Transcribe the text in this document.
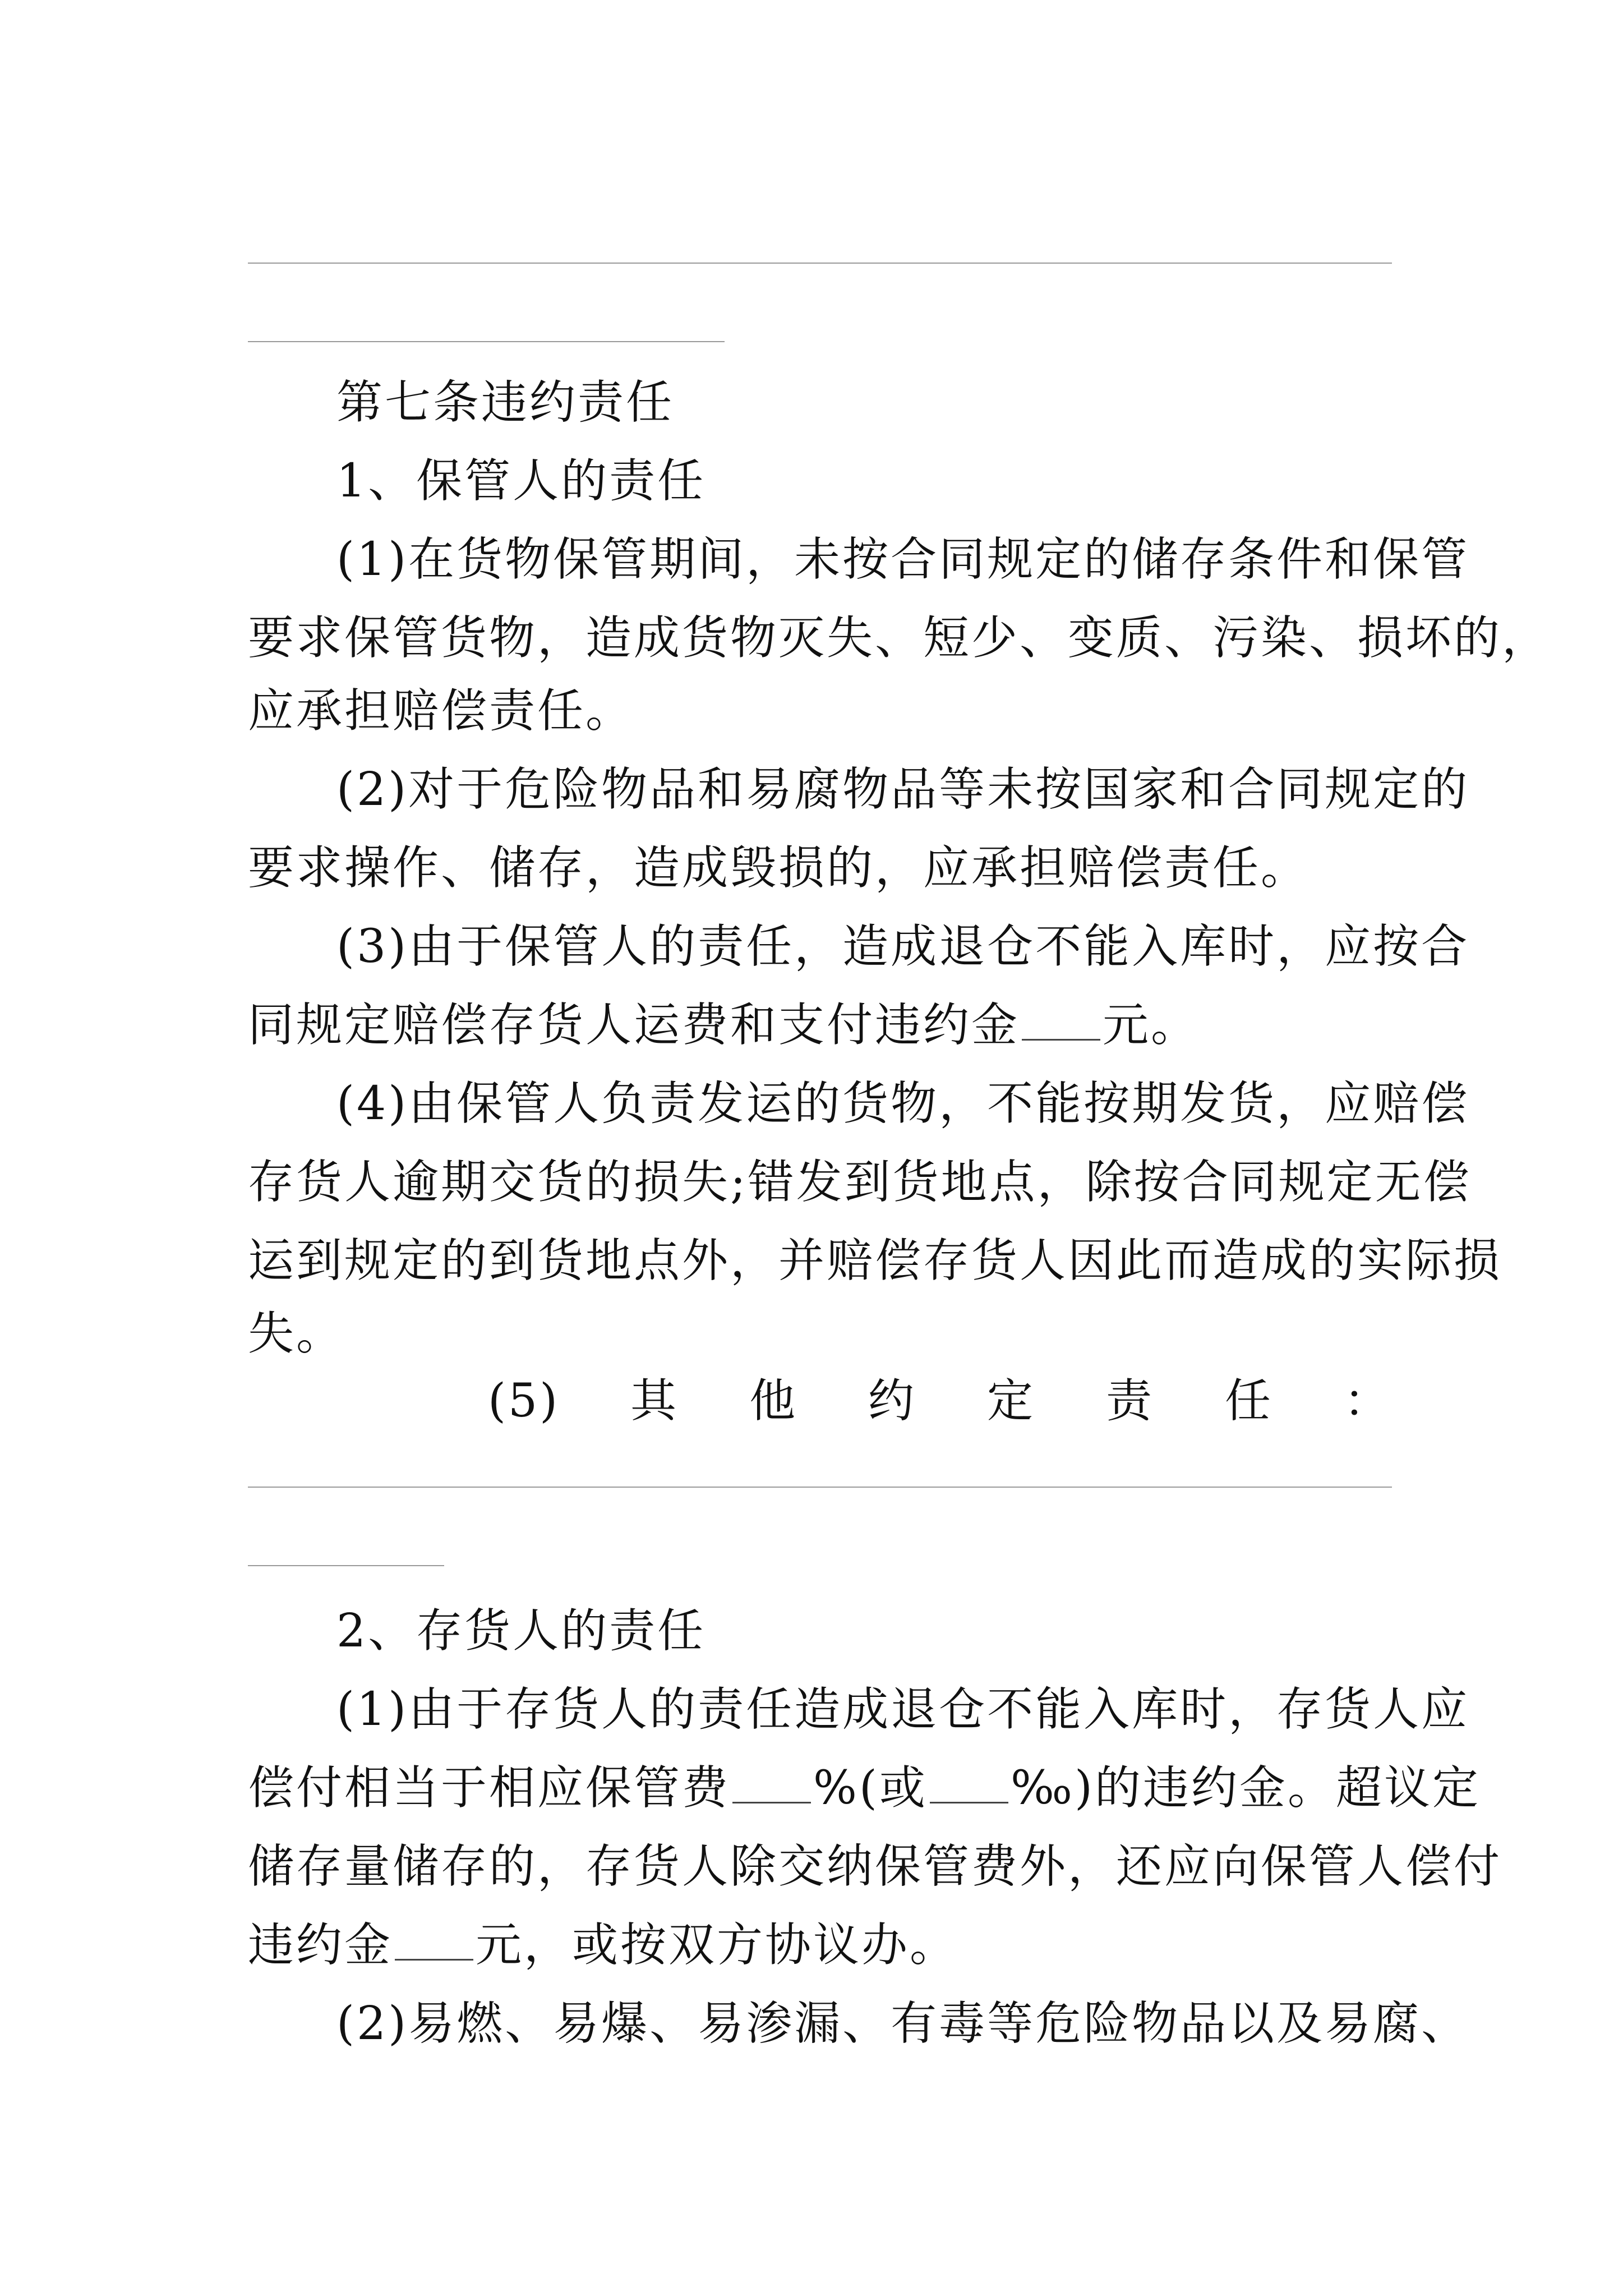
第七条违约责任
1、保管人的责任
(1)在货物保管期间，未按合同规定的储存条件和保管
要求保管货物，造成货物灭失、短少、变质、污染、损坏的，
应承担赔偿责任。
(2)对于危险物品和易腐物品等未按国家和合同规定的
要求操作、储存，造成毁损的，应承担赔偿责任。
(3)由于保管人的责任，造成退仓不能入库时，应按合
同规定赔偿存货人运费和支付违约金 元。
(4)由保管人负责发运的货物，不能按期发货，应赔偿
存货人逾期交货的损失;错发到货地点，除按合同规定无偿
运到规定的到货地点外，并赔偿存货人因此而造成的实际损
失。
(5) 其 他 约 定 责 任 ：
2、存货人的责任
(1)由于存货人的责任造成退仓不能入库时，存货人应
偿付相当于相应保管费 %(或 ‰)的违约金。超议定
储存量储存的，存货人除交纳保管费外，还应向保管人偿付
违约金 元，或按双方协议办。
(2)易燃、易爆、易渗漏、有毒等危险物品以及易腐、
